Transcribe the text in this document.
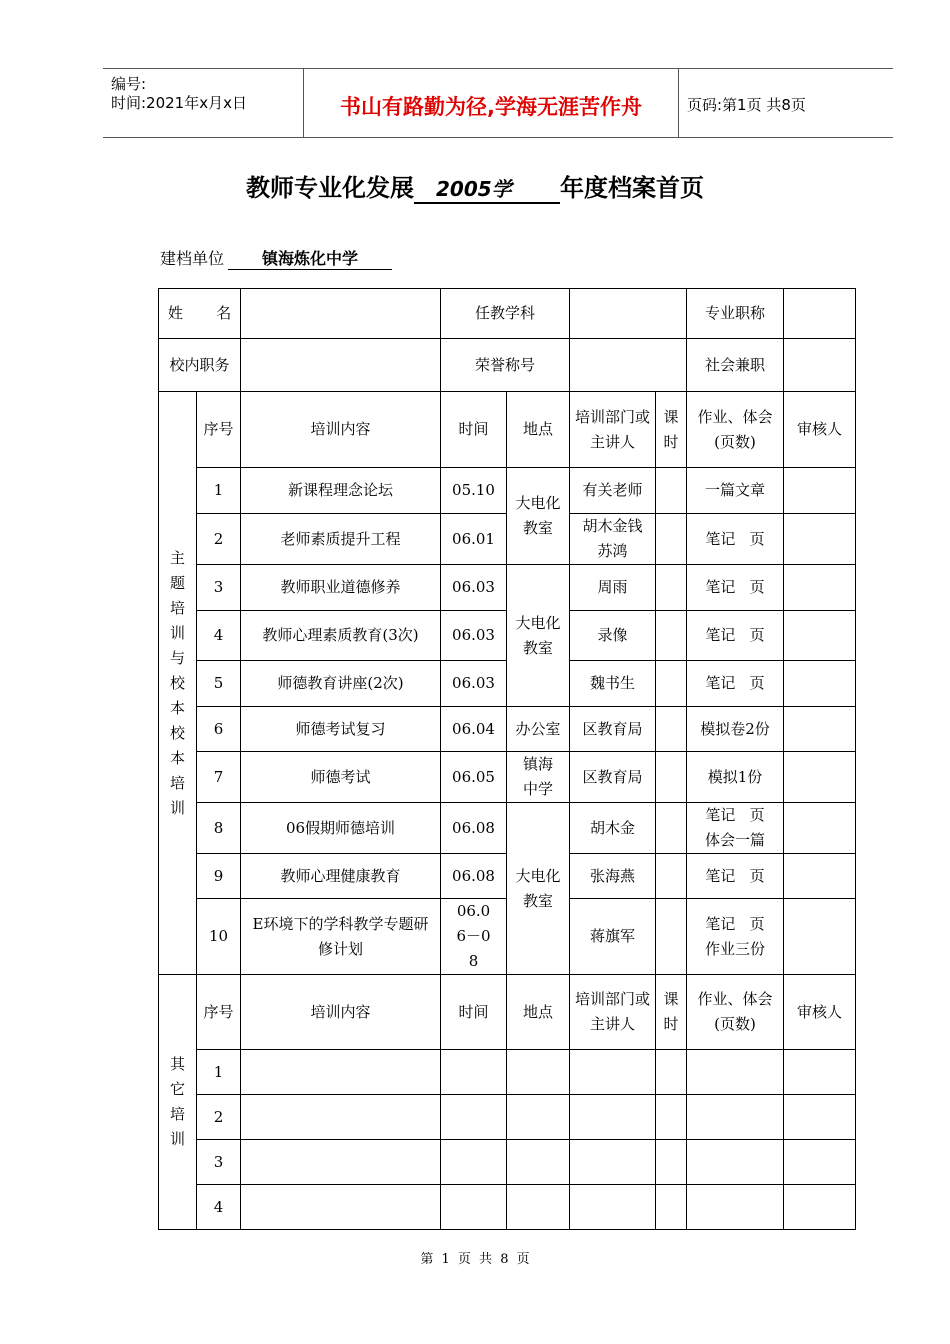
编号:
时间:2021年x月x日	书山有路勤为径,学海无涯苦作舟	页码:第1页 共8页
教师专业化发展 2005学 年度档案首页
建档单位 镇海炼化中学
姓       名			任教学科				专业职称	
校内职务			荣誉称号				社会兼职	

主题培训与校本校本培训	序号	培训内容	时间	地点	培训部门或主讲人	课时	作业、体会(页数)	审核人
	1	新课程理念论坛	05.10	大电化教室	有关老师		一篇文章	
	2	老师素质提升工程	06.01		胡木金钱苏鸿		笔记   页	
	3	教师职业道德修养	06.03	大电化教室	周雨		笔记   页	
	4	教师心理素质教育(3次)	06.03		录像		笔记   页	
	5	师德教育讲座(2次)	06.03		魏书生		笔记   页	
	6	师德考试复习	06.04	办公室	区教育局		模拟卷2份	
	7	师德考试	06.05	镇海中学	区教育局		模拟1份	
	8	06假期师德培训	06.08	大电化教室	胡木金		笔记   页体会一篇	

	9	教师心理健康教育	06.08		张海燕		笔记   页	
	10	E环境下的学科教学专题研修计划	06.06－08		蒋旗军		笔记   页作业三份	

其它培训	序号	培训内容	时间	地点	培训部门或主讲人	课时	作业、体会(页数)	审核人
	1							
	2							
	3							
	4							
第 1 页 共 8 页
